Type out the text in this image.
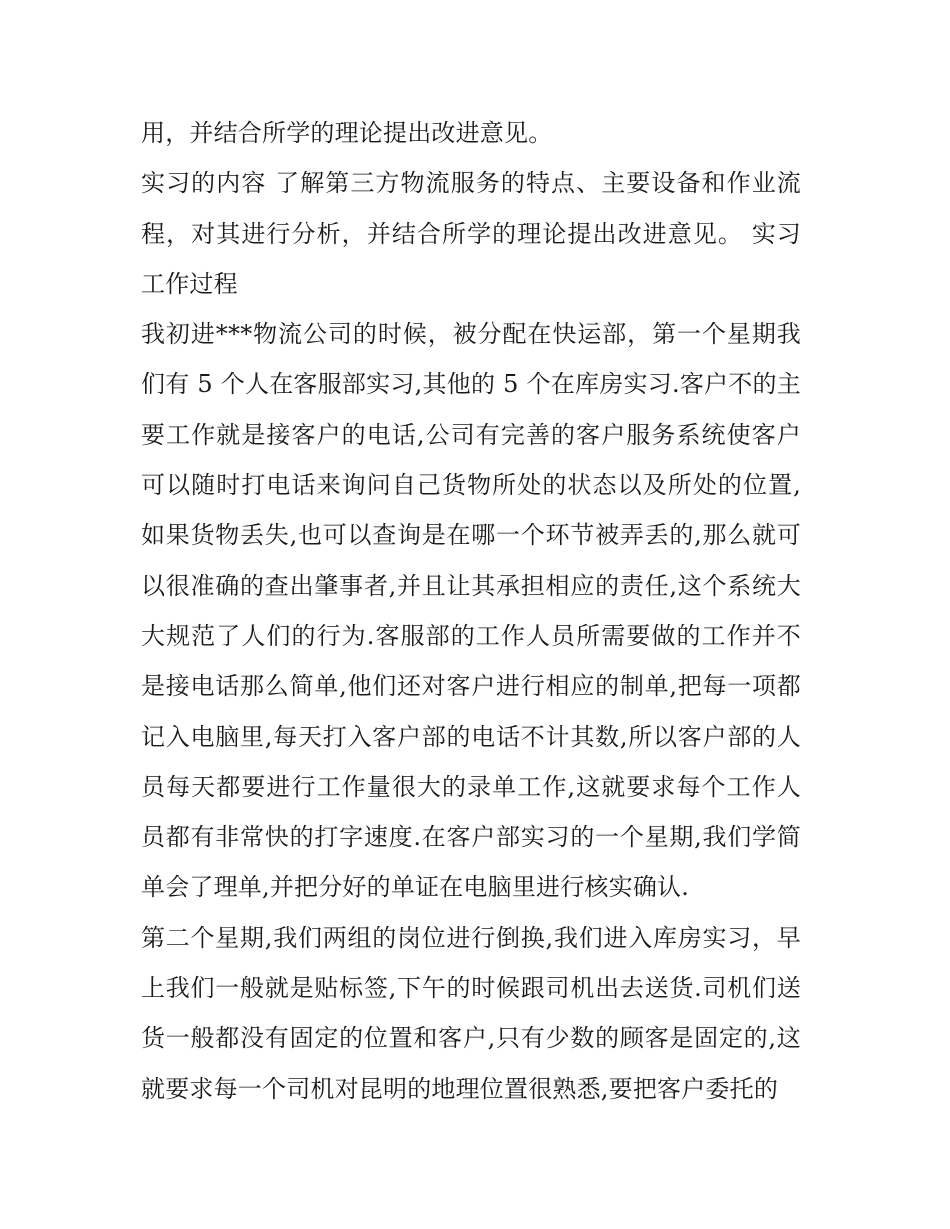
用，并结合所学的理论提出改进意见。

实习的内容 了解第三方物流服务的特点、主要设备和作业流程，对其进行分析，并结合所学的理论提出改进意见。 实习工作过程

我初进***物流公司的时候，被分配在快运部，第一个星期我们有 5 个人在客服部实习,其他的 5 个在库房实习.客户不的主要工作就是接客户的电话,公司有完善的客户服务系统使客户可以随时打电话来询问自己货物所处的状态以及所处的位置,如果货物丢失,也可以查询是在哪一个环节被弄丢的,那么就可以很准确的查出肇事者,并且让其承担相应的责任,这个系统大大规范了人们的行为.客服部的工作人员所需要做的工作并不是接电话那么简单,他们还对客户进行相应的制单,把每一项都记入电脑里,每天打入客户部的电话不计其数,所以客户部的人员每天都要进行工作量很大的录单工作,这就要求每个工作人员都有非常快的打字速度.在客户部实习的一个星期,我们学简单会了理单,并把分好的单证在电脑里进行核实确认.

第二个星期,我们两组的岗位进行倒换,我们进入库房实习，早上我们一般就是贴标签,下午的时候跟司机出去送货.司机们送货一般都没有固定的位置和客户,只有少数的顾客是固定的,这就要求每一个司机对昆明的地理位置很熟悉,要把客户委托的
